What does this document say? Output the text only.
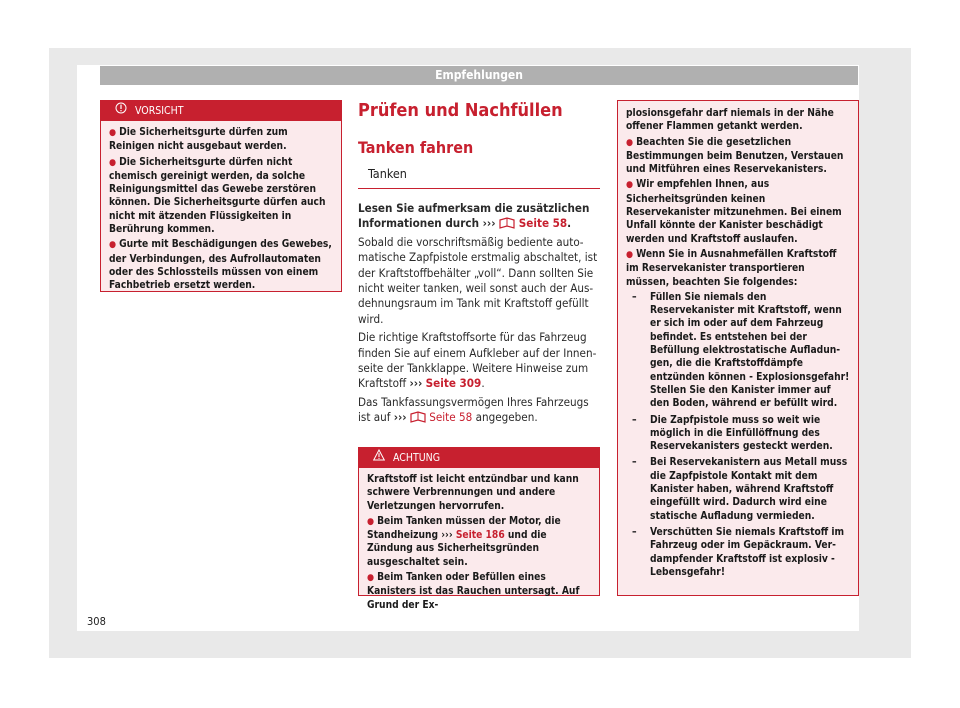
Empfehlungen
VORSICHT

● Die Sicherheitsgurte dürfen zum Reinigen nicht ausgebaut werden.

● Die Sicherheitsgurte dürfen nicht chemisch gereinigt werden, da solche Reinigungsmittel das Gewebe zerstören können. Die Sicherheitsgurte dürfen auch nicht mit ätzenden Flüssigkeiten in Berührung kommen.

● Gurte mit Beschädigungen des Gewebes, der Verbindungen, des Aufrollautomaten oder des Schlossteils müssen von einem Fachbetrieb ersetzt werden.

Prüfen und Nachfüllen
Tanken fahren
Tanken

Lesen Sie aufmerksam die zusätzlichen Informationen durch ››› Seite 58.

Sobald die vorschriftsmäßig bediente automatische Zapfpistole erstmalig abschaltet, ist der Kraftstoffbehälter „voll“. Dann sollten Sie nicht weiter tanken, weil sonst auch der Ausdehnungsraum im Tank mit Kraftstoff gefüllt wird.

Die richtige Kraftstoffsorte für das Fahrzeug finden Sie auf einem Aufkleber auf der Innenseite der Tankklappe. Weitere Hinweise zum Kraftstoff ››› Seite 309.

Das Tankfassungsvermögen Ihres Fahrzeugs ist auf ››› Seite 58 angegeben.

ACHTUNG

Kraftstoff ist leicht entzündbar und kann schwere Verbrennungen und andere Verletzungen hervorrufen.

● Beim Tanken müssen der Motor, die Standheizung ››› Seite 186 und die Zündung aus Sicherheitsgründen ausgeschaltet sein.

● Beim Tanken oder Befüllen eines Kanisters ist das Rauchen untersagt. Auf Grund der Ex-

plosionsgefahr darf niemals in der Nähe offener Flammen getankt werden.

● Beachten Sie die gesetzlichen Bestimmungen beim Benutzen, Verstauen und Mitführen eines Reservekanisters.

● Wir empfehlen Ihnen, aus Sicherheitsgründen keinen Reservekanister mitzunehmen. Bei einem Unfall könnte der Kanister beschädigt werden und Kraftstoff auslaufen.

● Wenn Sie in Ausnahmefällen Kraftstoff im Reservekanister transportieren müssen, beachten Sie folgendes:

–	Füllen Sie niemals den Reservekanister mit Kraftstoff, wenn er sich im oder auf dem Fahrzeug befindet. Es entstehen bei der Befüllung elektrostatische Aufladungen, die die Kraftstoffdämpfe entzünden können - Explosionsgefahr! Stellen Sie den Kanister immer auf den Boden, während er befüllt wird.
–	Die Zapfpistole muss so weit wie möglich in die Einfüllöffnung des Reservekanisters gesteckt werden.
–	Bei Reservekanistern aus Metall muss die Zapfpistole Kontakt mit dem Kanister haben, während Kraftstoff eingefüllt wird. Dadurch wird eine statische Aufladung vermieden.
–	Verschütten Sie niemals Kraftstoff im Fahrzeug oder im Gepäckraum. Verdampfender Kraftstoff ist explosiv - Lebensgefahr!
308
